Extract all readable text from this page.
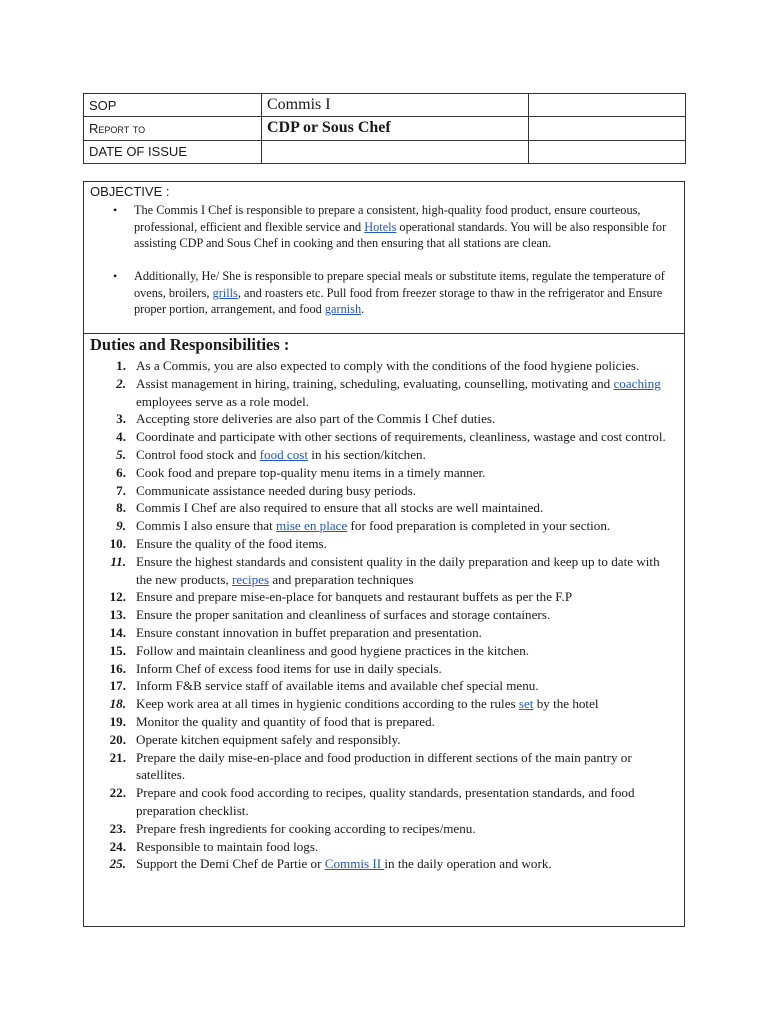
SOP	Commis I	
Report to	CDP or Sous Chef	
DATE OF ISSUE		
OBJECTIVE :
• The Commis I Chef is responsible to prepare a consistent, high-quality food product, ensure courteous, professional, efficient and flexible service and Hotels operational standards. You will be also responsible for assisting CDP and Sous Chef in cooking and then ensuring that all stations are clean.
• Additionally, He/ She is responsible to prepare special meals or substitute items, regulate the temperature of ovens, broilers, grills, and roasters etc. Pull food from freezer storage to thaw in the refrigerator and Ensure proper portion, arrangement, and food garnish.
Duties and Responsibilities :
1. As a Commis, you are also expected to comply with the conditions of the food hygiene policies.
2. Assist management in hiring, training, scheduling, evaluating, counselling, motivating and coaching employees serve as a role model.
3. Accepting store deliveries are also part of the Commis I Chef duties.
4. Coordinate and participate with other sections of requirements, cleanliness, wastage and cost control.
5. Control food stock and food cost in his section/kitchen.
6. Cook food and prepare top-quality menu items in a timely manner.
7. Communicate assistance needed during busy periods.
8. Commis I Chef are also required to ensure that all stocks are well maintained.
9. Commis I also ensure that mise en place for food preparation is completed in your section.
10. Ensure the quality of the food items.
11. Ensure the highest standards and consistent quality in the daily preparation and keep up to date with the new products, recipes and preparation techniques
12. Ensure and prepare mise-en-place for banquets and restaurant buffets as per the F.P
13. Ensure the proper sanitation and cleanliness of surfaces and storage containers.
14. Ensure constant innovation in buffet preparation and presentation.
15. Follow and maintain cleanliness and good hygiene practices in the kitchen.
16. Inform Chef of excess food items for use in daily specials.
17. Inform F&B service staff of available items and available chef special menu.
18. Keep work area at all times in hygienic conditions according to the rules set by the hotel
19. Monitor the quality and quantity of food that is prepared.
20. Operate kitchen equipment safely and responsibly.
21. Prepare the daily mise-en-place and food production in different sections of the main pantry or satellites.
22. Prepare and cook food according to recipes, quality standards, presentation standards, and food preparation checklist.
23. Prepare fresh ingredients for cooking according to recipes/menu.
24. Responsible to maintain food logs.
25. Support the Demi Chef de Partie or Commis II in the daily operation and work.
